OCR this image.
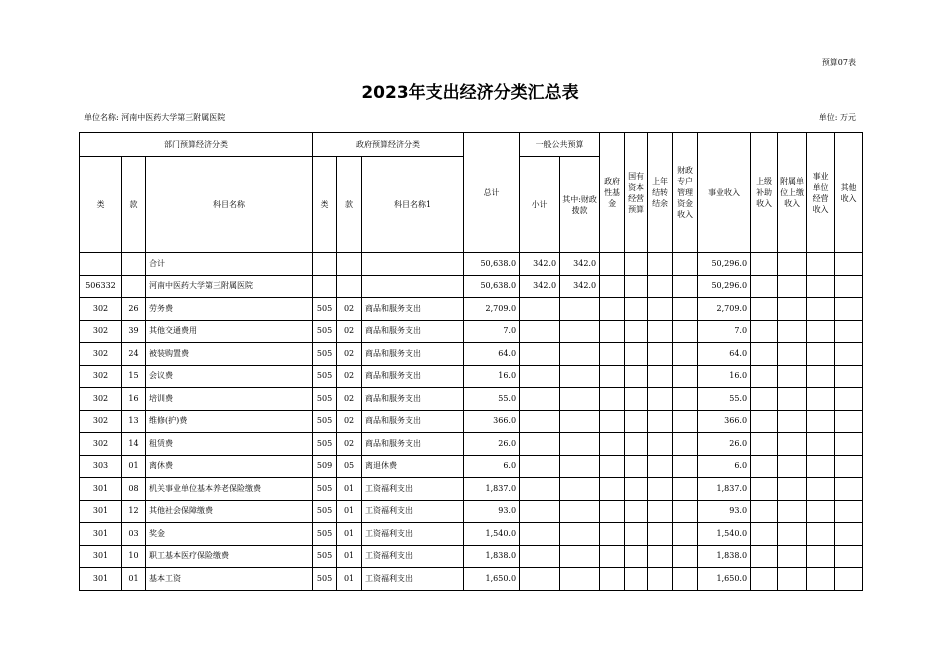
预算07表
2023年支出经济分类汇总表
单位名称: 河南中医药大学第三附属医院	单位: 万元
部门预算经济分类			政府预算经济分类			总计	一般公共预算		政府性基金	国有资本经营预算	上年结转结余	财政专户管理资金收入	事业收入	上级补助收入	附属单位上缴收入	事业单位经营收入	其他收入
类	款	科目名称	类	款	科目名称1		小计	其中:财政拨款									
		合计				50,638.0	342.0	342.0					50,296.0				
506332		河南中医药大学第三附属医院				50,638.0	342.0	342.0					50,296.0				
302	26	劳务费	505	02	商品和服务支出	2,709.0							2,709.0				
302	39	其他交通费用	505	02	商品和服务支出	7.0							7.0				
302	24	被装购置费	505	02	商品和服务支出	64.0							64.0				
302	15	会议费	505	02	商品和服务支出	16.0							16.0				
302	16	培训费	505	02	商品和服务支出	55.0							55.0				
302	13	维修(护)费	505	02	商品和服务支出	366.0							366.0				
302	14	租赁费	505	02	商品和服务支出	26.0							26.0				
303	01	离休费	509	05	离退休费	6.0							6.0				
301	08	机关事业单位基本养老保险缴费	505	01	工资福利支出	1,837.0							1,837.0				
301	12	其他社会保障缴费	505	01	工资福利支出	93.0							93.0				
301	03	奖金	505	01	工资福利支出	1,540.0							1,540.0				
301	10	职工基本医疗保险缴费	505	01	工资福利支出	1,838.0							1,838.0				
301	01	基本工资	505	01	工资福利支出	1,650.0							1,650.0				
